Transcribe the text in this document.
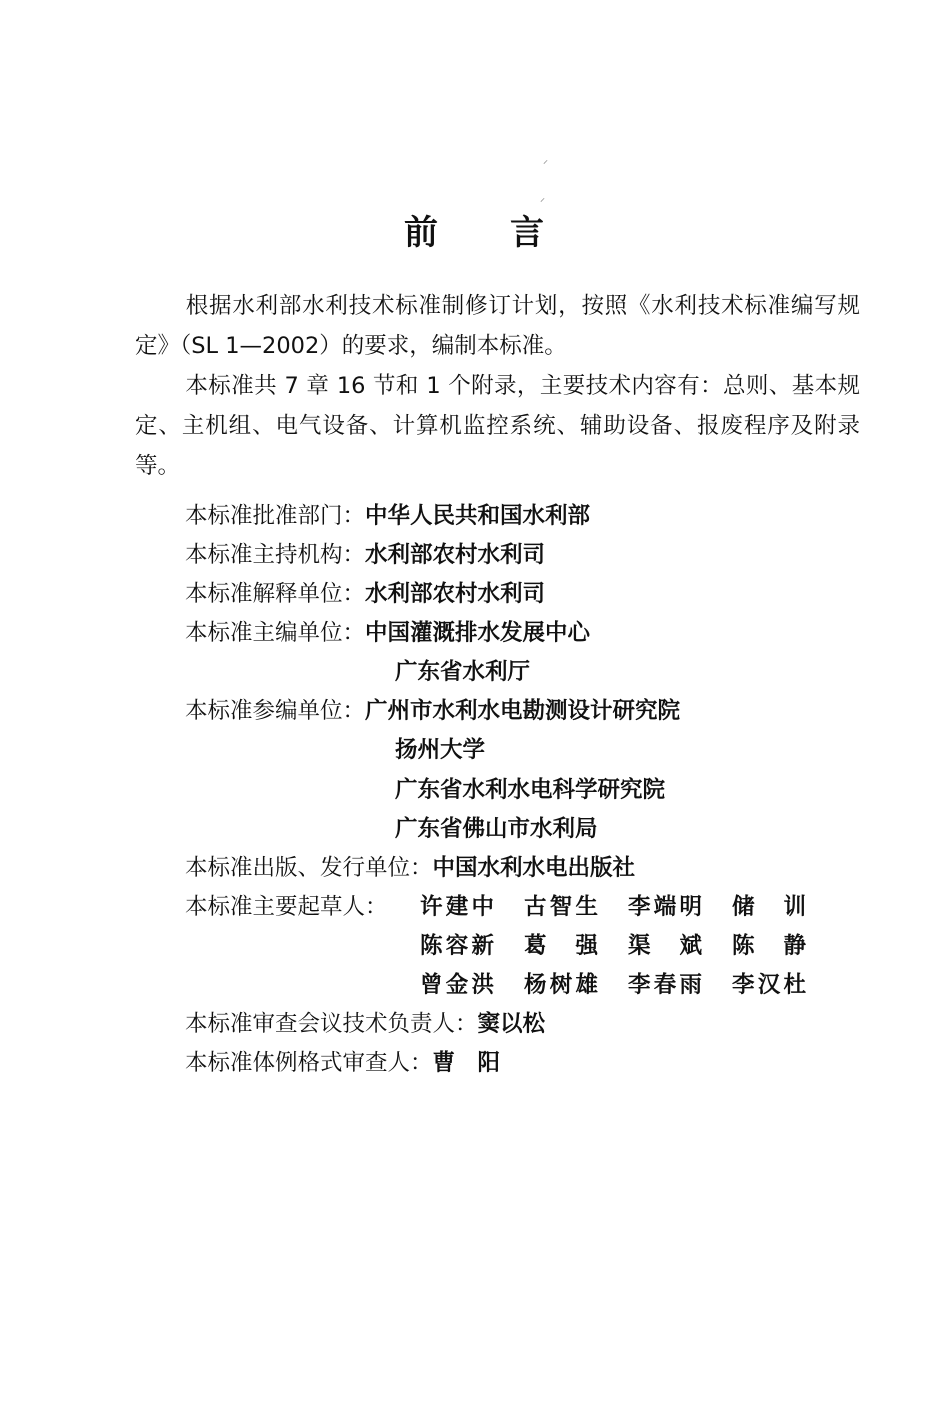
⸝
⸝
前 言
根据水利部水利技术标准制修订计划，按照《水利技术标准编写规定》（SL 1—2002）的要求，编制本标准。
本标准共 7 章 16 节和 1 个附录，主要技术内容有：总则、基本规定、主机组、电气设备、计算机监控系统、辅助设备、报废程序及附录等。
本标准批准部门：中华人民共和国水利部
本标准主持机构：水利部农村水利司
本标准解释单位：水利部农村水利司
本标准主编单位：中国灌溉排水发展中心
广东省水利厅
本标准参编单位：广州市水利水电勘测设计研究院
扬州大学
广东省水利水电科学研究院
广东省佛山市水利局
本标准出版、发行单位：中国水利水电出版社
本标准主要起草人： 许建中 古智生 李端明 储　训
陈容新 葛　强 渠　斌 陈　静
曾金洪 杨树雄 李春雨 李汉杜
本标准审查会议技术负责人：窦以松
本标准体例格式审查人：曹　阳
